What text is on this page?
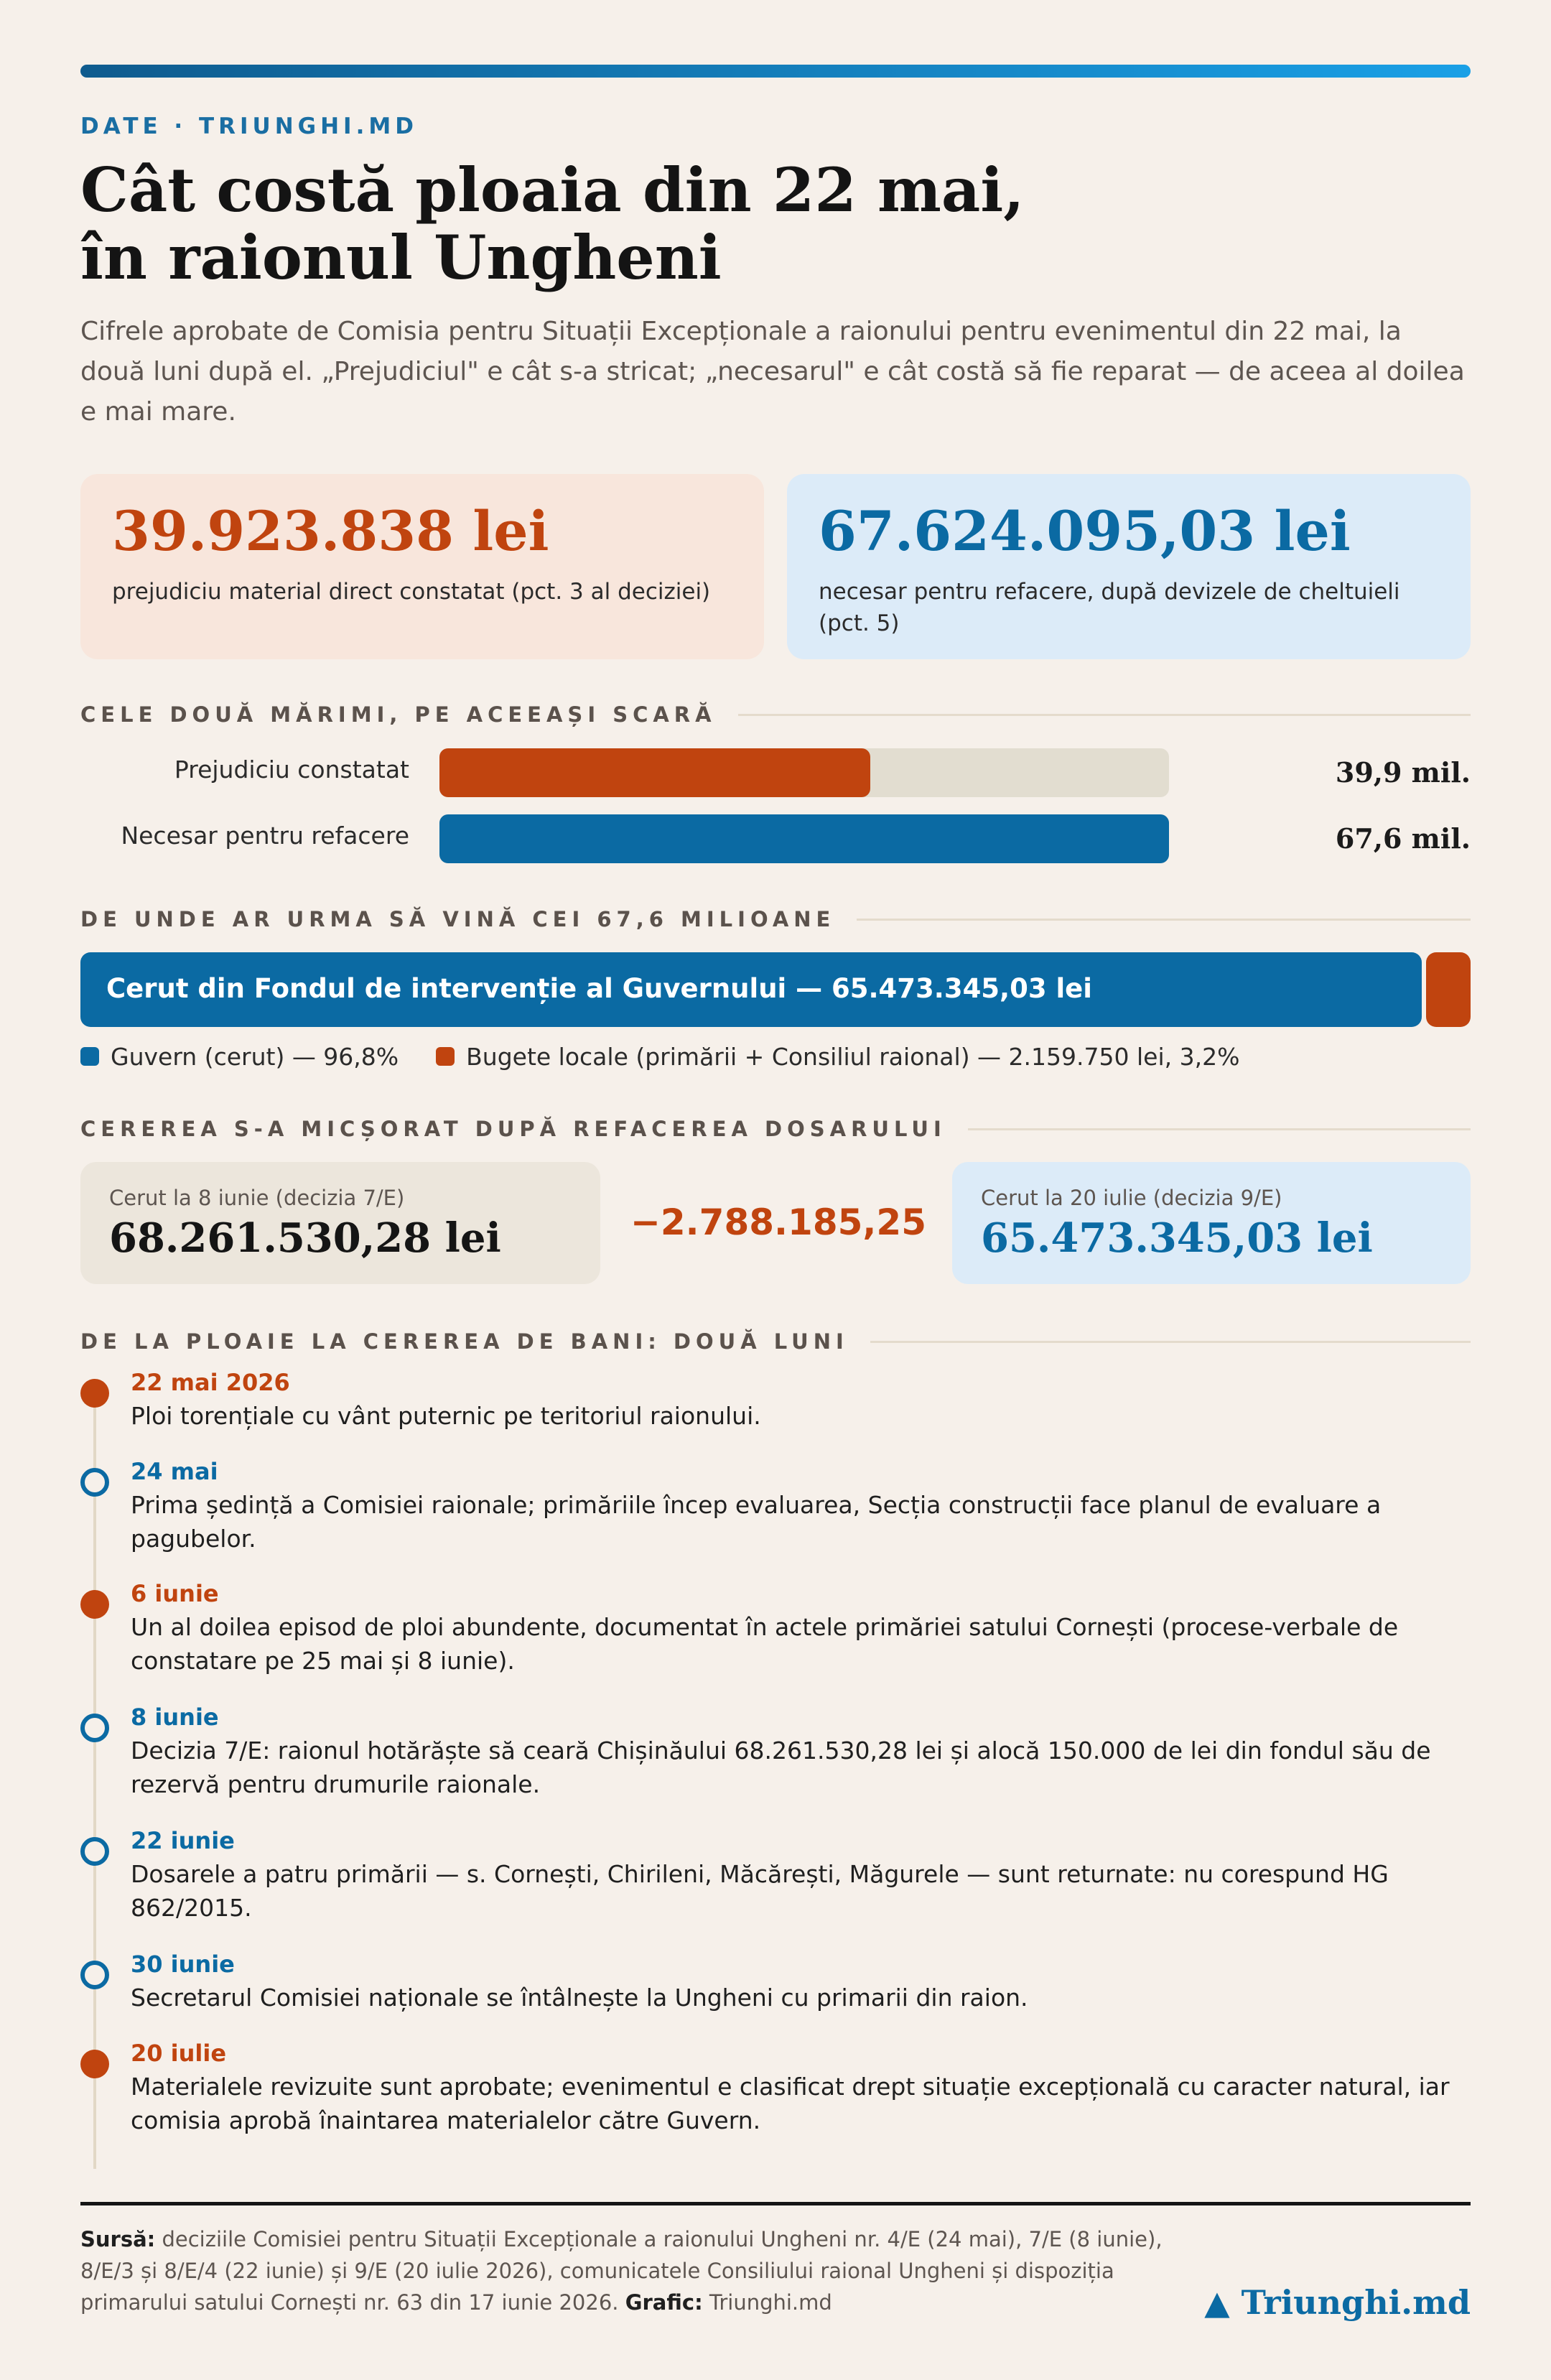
DATE · TRIUNGHI.MD
Cât costă ploaia din 22 mai,
în raionul Ungheni
Cifrele aprobate de Comisia pentru Situații Excepționale a raionului pentru evenimentul din 22 mai, la două luni după el. „Prejudiciul" e cât s-a stricat; „necesarul" e cât costă să fie reparat — de aceea al doilea e mai mare.
39.923.838 lei
prejudiciu material direct constatat (pct. 3 al deciziei)
67.624.095,03 lei
necesar pentru refacere, după devizele de cheltuieli (pct. 5)
CELE DOUĂ MĂRIMI, PE ACEEAȘI SCARĂ
Prejudiciu constatat	39,9 mil.
Necesar pentru refacere	67,6 mil.
DE UNDE AR URMA SĂ VINĂ CEI 67,6 MILIOANE
Cerut din Fondul de intervenție al Guvernului — 65.473.345,03 lei
Guvern (cerut) — 96,8%	Bugete locale (primării + Consiliul raional) — 2.159.750 lei, 3,2%
CEREREA S-A MICȘORAT DUPĂ REFACEREA DOSARULUI
Cerut la 8 iunie (decizia 7/E)
68.261.530,28 lei	−2.788.185,25
Cerut la 20 iulie (decizia 9/E)
65.473.345,03 lei
DE LA PLOAIE LA CEREREA DE BANI: DOUĂ LUNI
22 mai 2026
Ploi torențiale cu vânt puternic pe teritoriul raionului.
24 mai
Prima ședință a Comisiei raionale; primăriile încep evaluarea, Secția construcții face planul de evaluare a pagubelor.
6 iunie
Un al doilea episod de ploi abundente, documentat în actele primăriei satului Cornești (procese-verbale de constatare pe 25 mai și 8 iunie).
8 iunie
Decizia 7/E: raionul hotărăște să ceară Chișinăului 68.261.530,28 lei și alocă 150.000 de lei din fondul său de rezervă pentru drumurile raionale.
22 iunie
Dosarele a patru primării — s. Cornești, Chirileni, Măcărești, Măgurele — sunt returnate: nu corespund HG 862/2015.
30 iunie
Secretarul Comisiei naționale se întâlnește la Ungheni cu primarii din raion.
20 iulie
Materialele revizuite sunt aprobate; evenimentul e clasificat drept situație excepțională cu caracter natural, iar comisia aprobă înaintarea materialelor către Guvern.
Sursă: deciziile Comisiei pentru Situații Excepționale a raionului Ungheni nr. 4/E (24 mai), 7/E (8 iunie), 8/E/3 și 8/E/4 (22 iunie) și 9/E (20 iulie 2026), comunicatele Consiliului raional Ungheni și dispoziția primarului satului Cornești nr. 63 din 17 iunie 2026. Grafic: Triunghi.md	▲ Triunghi.md
